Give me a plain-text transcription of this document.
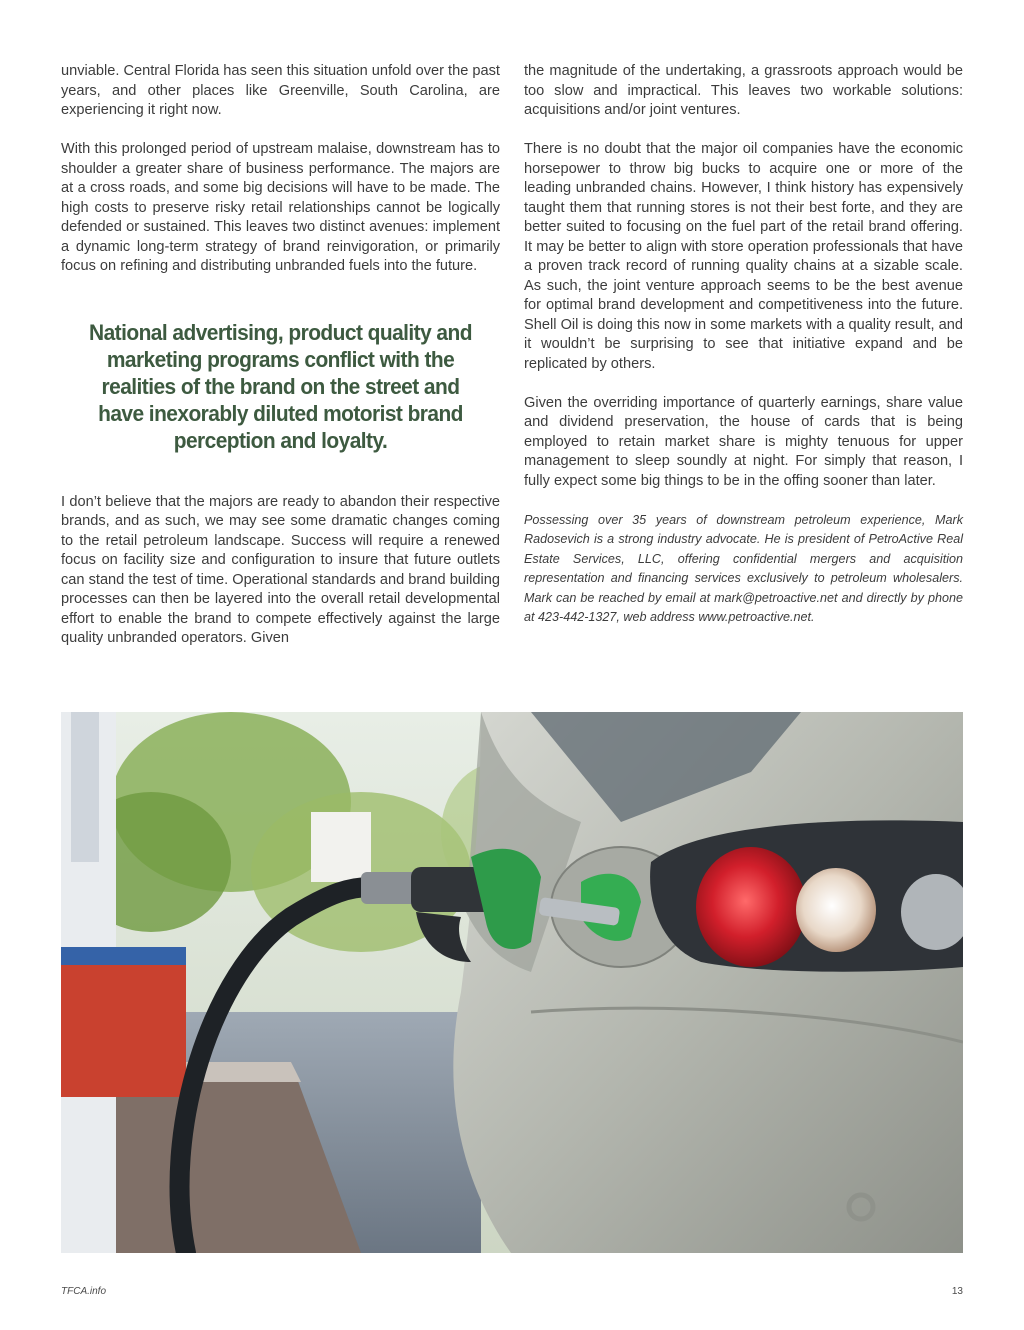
unviable. Central Florida has seen this situation unfold over the past years, and other places like Greenville, South Carolina, are experiencing it right now.

With this prolonged period of upstream malaise, downstream has to shoulder a greater share of business performance. The majors are at a cross roads, and some big decisions will have to be made. The high costs to preserve risky retail relationships cannot be logically defended or sustained. This leaves two distinct avenues: implement a dynamic long-term strategy of brand reinvigoration, or primarily focus on refining and distributing unbranded fuels into the future.

National advertising, product quality and marketing programs conflict with the realities of the brand on the street and have inexorably diluted motorist brand perception and loyalty.

I don’t believe that the majors are ready to abandon their respective brands, and as such, we may see some dramatic changes coming to the retail petroleum landscape. Success will require a renewed focus on facility size and configuration to insure that future outlets can stand the test of time. Operational standards and brand building processes can then be layered into the overall retail developmental effort to enable the brand to compete effectively against the large quality unbranded operators. Given

the magnitude of the undertaking, a grassroots approach would be too slow and impractical. This leaves two workable solutions: acquisitions and/or joint ventures.

There is no doubt that the major oil companies have the economic horsepower to throw big bucks to acquire one or more of the leading unbranded chains. However, I think history has expensively taught them that running stores is not their best forte, and they are better suited to focusing on the fuel part of the retail brand offering. It may be better to align with store operation professionals that have a proven track record of running quality chains at a sizable scale. As such, the joint venture approach seems to be the best avenue for optimal brand development and competitiveness into the future. Shell Oil is doing this now in some markets with a quality result, and it wouldn’t be surprising to see that initiative expand and be replicated by others.

Given the overriding importance of quarterly earnings, share value and dividend preservation, the house of cards that is being employed to retain market share is mighty tenuous for upper management to sleep soundly at night. For simply that reason, I fully expect some big things to be in the offing sooner than later.

Possessing over 35 years of downstream petroleum experience, Mark Radosevich is a strong industry advocate. He is president of PetroActive Real Estate Services, LLC, offering confidential mergers and acquisition representation and financing services exclusively to petroleum wholesalers. Mark can be reached by email at mark@petroactive.net and directly by phone at 423-442-1327, web address www.petroactive.net.

TFCA.info	13
